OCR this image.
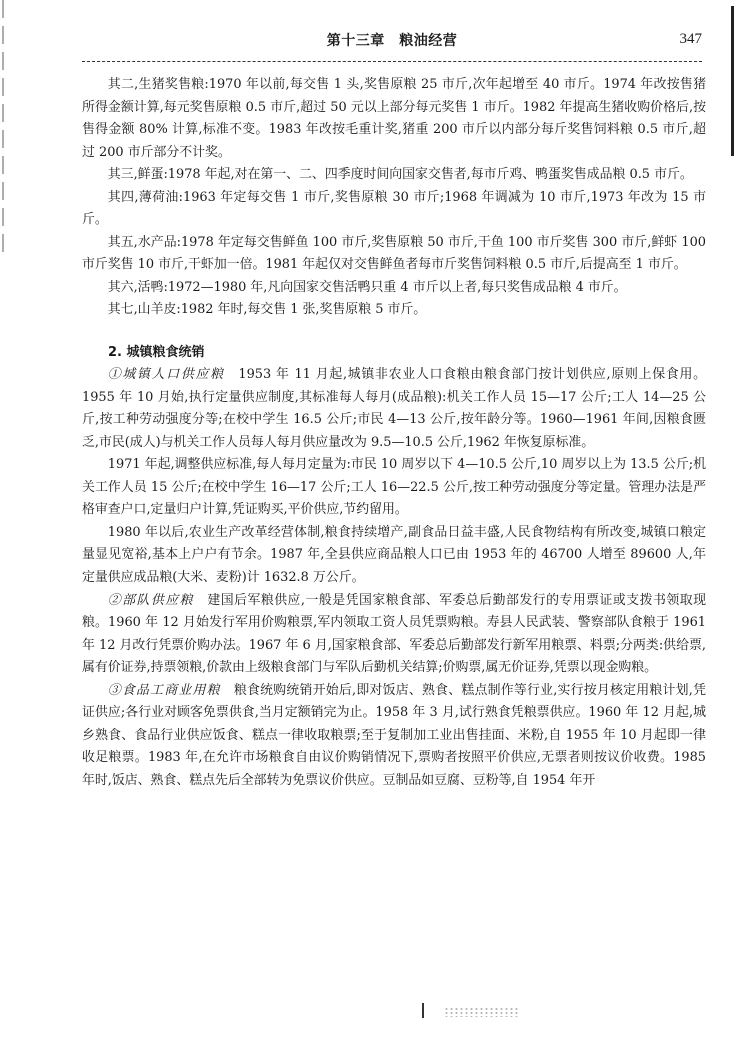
第十三章　粮油经营	347

其二,生猪奖售粮:1970 年以前,每交售 1 头,奖售原粮 25 市斤,次年起增至 40 市斤。1974 年改按售猪所得金额计算,每元奖售原粮 0.5 市斤,超过 50 元以上部分每元奖售 1 市斤。1982 年提高生猪收购价格后,按售得金额 80% 计算,标准不变。1983 年改按毛重计奖,猪重 200 市斤以内部分每斤奖售饲料粮 0.5 市斤,超过 200 市斤部分不计奖。

其三,鲜蛋:1978 年起,对在第一、二、四季度时间向国家交售者,每市斤鸡、鸭蛋奖售成品粮 0.5 市斤。

其四,薄荷油:1963 年定每交售 1 市斤,奖售原粮 30 市斤;1968 年调减为 10 市斤,1973 年改为 15 市斤。

其五,水产品:1978 年定每交售鲜鱼 100 市斤,奖售原粮 50 市斤,干鱼 100 市斤奖售 300 市斤,鲜虾 100 市斤奖售 10 市斤,干虾加一倍。1981 年起仅对交售鲜鱼者每市斤奖售饲料粮 0.5 市斤,后提高至 1 市斤。

其六,活鸭:1972—1980 年,凡向国家交售活鸭只重 4 市斤以上者,每只奖售成品粮 4 市斤。

其七,山羊皮:1982 年时,每交售 1 张,奖售原粮 5 市斤。

2. 城镇粮食统销

①城镇人口供应粮　1953 年 11 月起,城镇非农业人口食粮由粮食部门按计划供应,原则上保食用。1955 年 10 月始,执行定量供应制度,其标准每人每月(成品粮):机关工作人员 15—17 公斤;工人 14—25 公斤,按工种劳动强度分等;在校中学生 16.5 公斤;市民 4—13 公斤,按年龄分等。1960—1961 年间,因粮食匮乏,市民(成人)与机关工作人员每人每月供应量改为 9.5—10.5 公斤,1962 年恢复原标准。

1971 年起,调整供应标准,每人每月定量为:市民 10 周岁以下 4—10.5 公斤,10 周岁以上为 13.5 公斤;机关工作人员 15 公斤;在校中学生 16—17 公斤;工人 16—22.5 公斤,按工种劳动强度分等定量。管理办法是严格审查户口,定量归户计算,凭证购买,平价供应,节约留用。

1980 年以后,农业生产改革经营体制,粮食持续增产,副食品日益丰盛,人民食物结构有所改变,城镇口粮定量显见宽裕,基本上户户有节余。1987 年,全县供应商品粮人口已由 1953 年的 46700 人增至 89600 人,年定量供应成品粮(大米、麦粉)计 1632.8 万公斤。

②部队供应粮　建国后军粮供应,一般是凭国家粮食部、军委总后勤部发行的专用票证或支拨书领取现粮。1960 年 12 月始发行军用价购粮票,军内领取工资人员凭票购粮。寿县人民武装、警察部队食粮于 1961 年 12 月改行凭票价购办法。1967 年 6 月,国家粮食部、军委总后勤部发行新军用粮票、料票;分两类:供给票,属有价证券,持票领粮,价款由上级粮食部门与军队后勤机关结算;价购票,属无价证券,凭票以现金购粮。

③食品工商业用粮　粮食统购统销开始后,即对饭店、熟食、糕点制作等行业,实行按月核定用粮计划,凭证供应;各行业对顾客免票供食,当月定额销完为止。1958 年 3 月,试行熟食凭粮票供应。1960 年 12 月起,城乡熟食、食品行业供应饭食、糕点一律收取粮票;至于复制加工业出售挂面、米粉,自 1955 年 10 月起即一律收足粮票。1983 年,在允许市场粮食自由议价购销情况下,票购者按照平价供应,无票者则按议价收费。1985 年时,饭店、熟食、糕点先后全部转为免票议价供应。豆制品如豆腐、豆粉等,自 1954 年开
